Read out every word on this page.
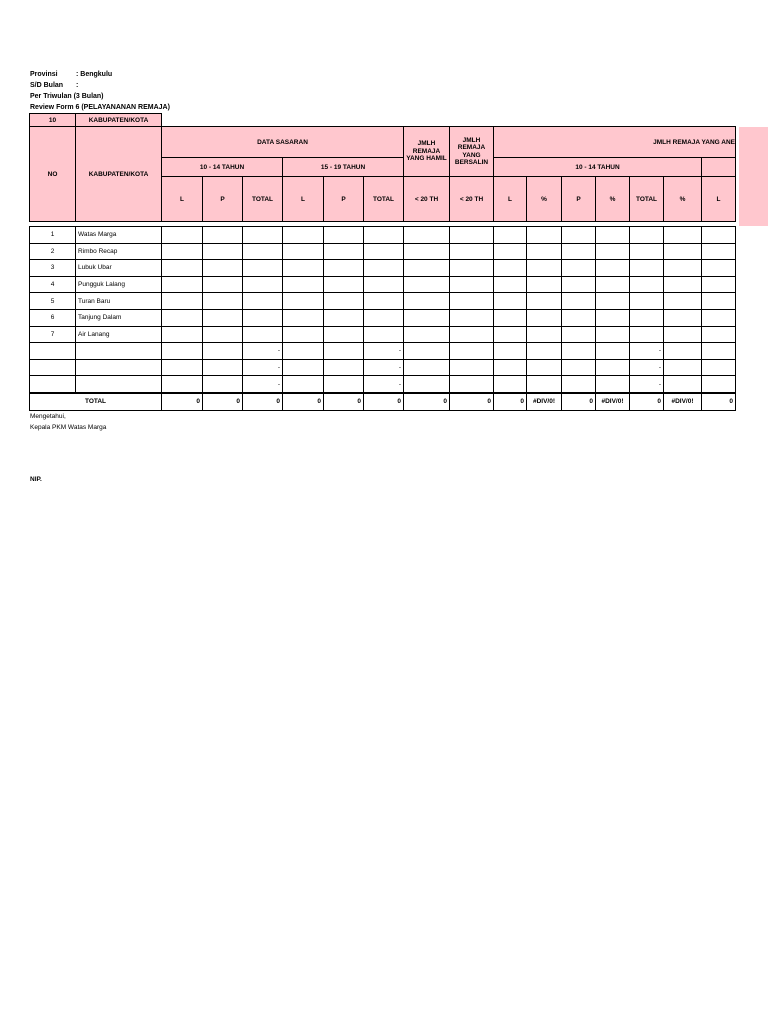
Provinsi	: Bengkulu
S/D Bulan :
Per Triwulan (3 Bulan)
Review Form 6 (PELAYANANAN REMAJA)
10	KABUPATEN/KOTA															
NO	KABUPATEN/KOTA	DATA SASARAN						JMLH REMAJA YANG HAMIL	JMLH REMAJA YANG BERSALIN	JMLH REMAJA YANG ANE						
		10 - 14 TAHUN			15 - 19 TAHUN					10 - 14 TAHUN						
		L	P	TOTAL	L	P	TOTAL	< 20 TH	< 20 TH	L	%	P	%	TOTAL	%	L

1	Watas Marga															
2	Rimbo Recap															
3	Lubuk Ubar															
4	Pungguk Lalang															
5	Turan Baru															
6	Tanjung Dalam															
7	Air Lanang															
				-			-							-		
				-			-							-		
				-			-							-		
TOTAL		0	0	0	0	0	0	0	0	0	#DIV/0!	0	#DIV/0!	0	#DIV/0!	0
Mengetahui,
Kepala PKM Watas Marga
NIP.
